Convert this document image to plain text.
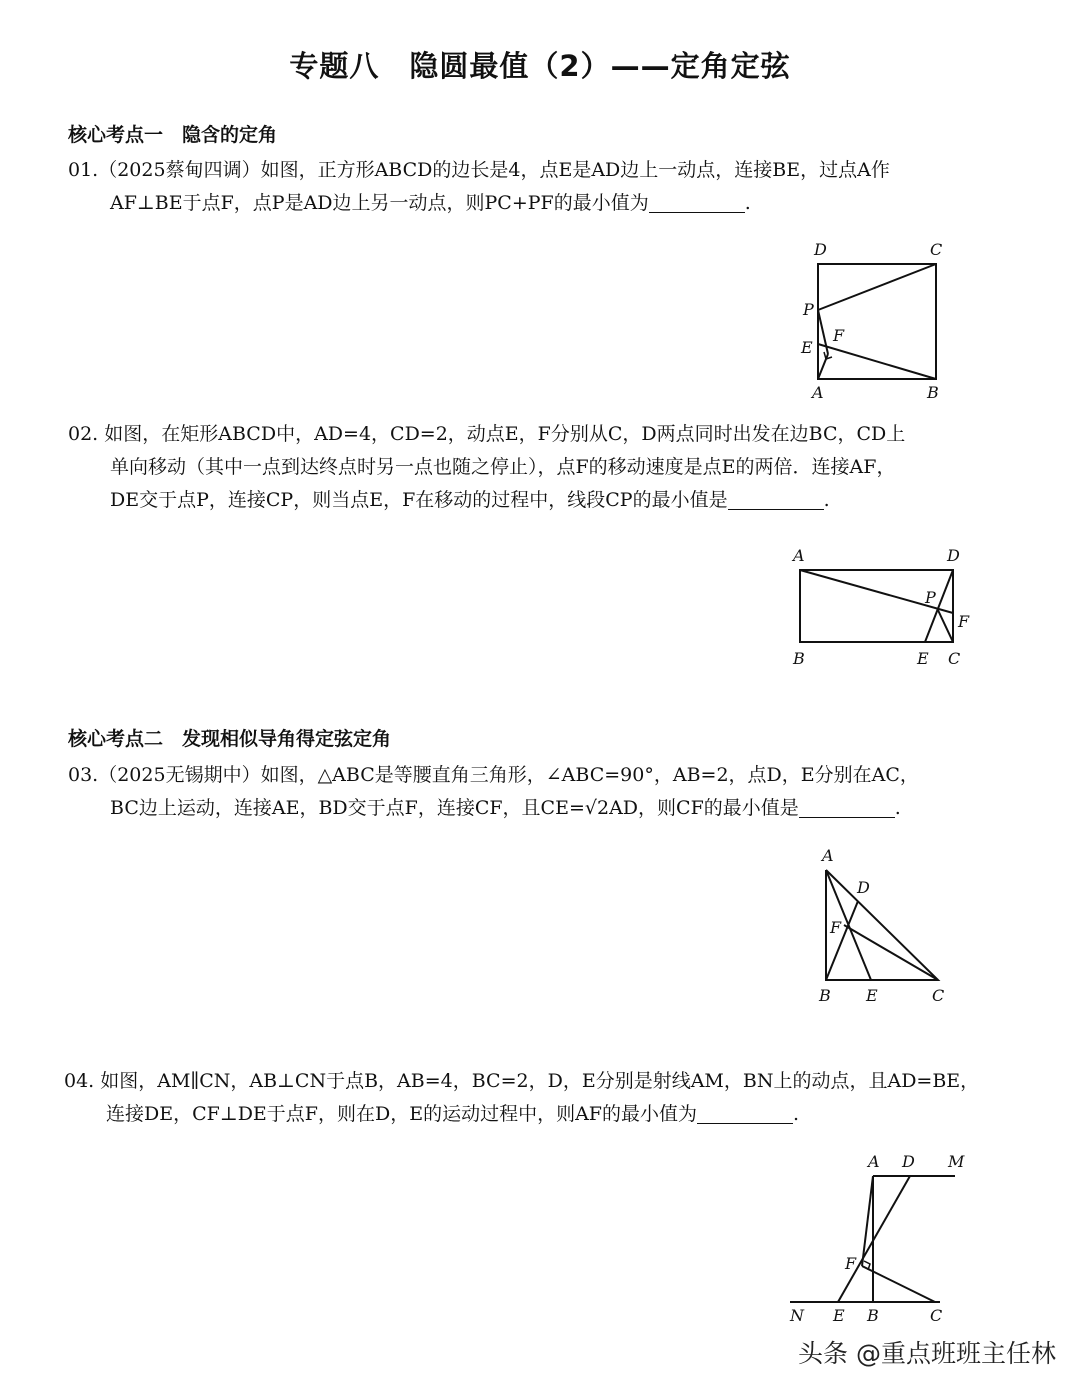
专题八　隐圆最值（2）——定角定弦
核心考点一　隐含的定角

01.（2025蔡甸四调）如图，正方形ABCD的边长是4，点E是AD边上一动点，连接BE，过点A作

AF⊥BE于点F，点P是AD边上另一动点，则PC+PF的最小值为	.

D	C
P
F
E
A	B

02. 如图，在矩形ABCD中，AD=4，CD=2，动点E，F分别从C，D两点同时出发在边BC，CD上

单向移动（其中一点到达终点时另一点也随之停止），点F的移动速度是点E的两倍．连接AF，

DE交于点P，连接CP，则当点E，F在移动的过程中，线段CP的最小值是	.

A	D
P
F
B	E C
核心考点二　发现相似导角得定弦定角

03.（2025无锡期中）如图，△ABC是等腰直角三角形，∠ABC=90°，AB=2，点D，E分别在AC，

BC边上运动，连接AE，BD交于点F，连接CF，且CE=√2AD，则CF的最小值是	.

A
D
F
B E	C

04. 如图，AM∥CN，AB⊥CN于点B，AB=4，BC=2，D，E分别是射线AM，BN上的动点，且AD=BE，

连接DE，CF⊥DE于点F，则在D，E的运动过程中，则AF的最小值为	.

A D M
F
N E B	C
头条 @重点班班主任林
